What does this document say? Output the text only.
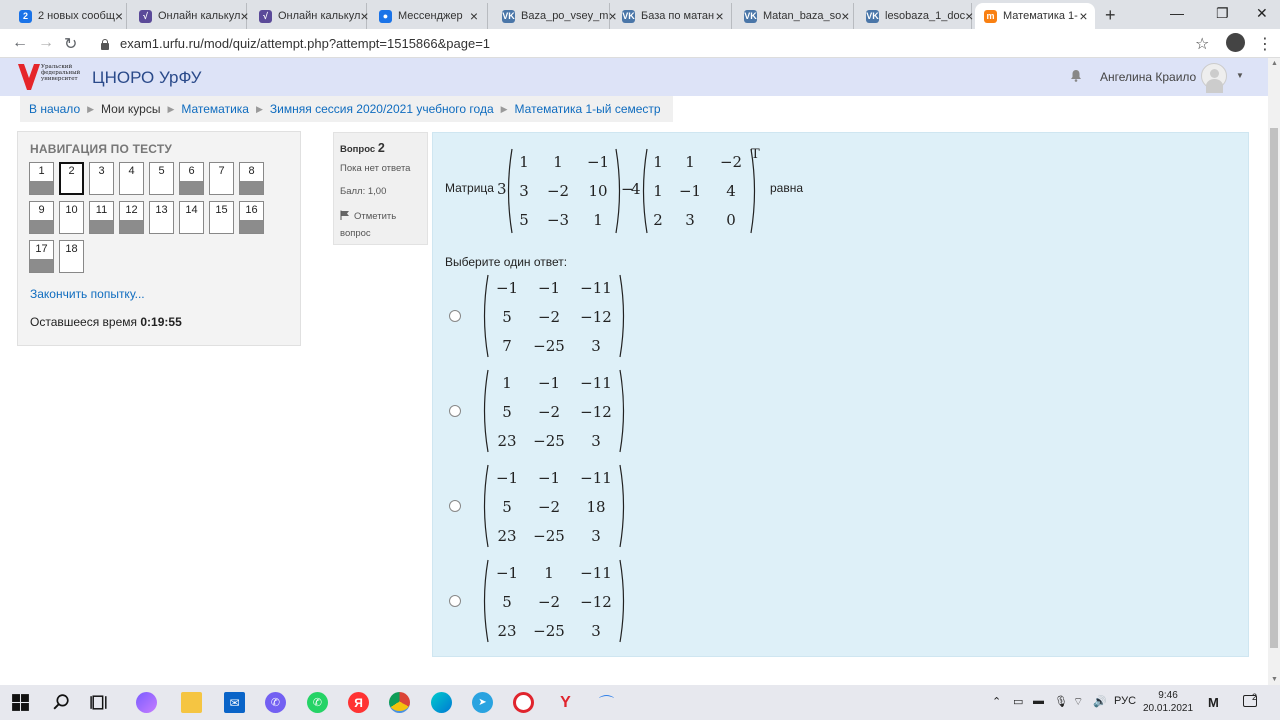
2 2 новых сообщ ×	√ Онлайн калькул ×	√ Онлайн калькул ×	● Мессенджер ×	VK Baza_po_vsey_m × VK База по матан × VK Matan_baza_so × VK lesobaza_1_doc × m Математика 1- × +	— ❐ ✕
← → ↻	exam1.urfu.ru/mod/quiz/attempt.php?attempt=1515866&page=1	☆	⋮
Уральский
федеральный
университет ЦНОРО УрФУ	Ангелина Краило	▼
В начало ▶ Мои курсы ▶ Математика ▶ Зимняя сессия 2020/2021 учебного года ▶ Математика 1-ый семестр
НАВИГАЦИЯ ПО ТЕСТУ
1	2	3	4	5	6	7	8
9	10	11	12	13	14	15	16
17	18
Закончить попытку...
Оставшееся время 0:19:55
Вопрос 2
Пока нет ответа
Балл: 1,00
Отметить вопрос
Матрица 3
1 1 −1
3 −2 10
5 −3 1
−
4
1 1 −2
1 −1 4
2 3 0
T
равна
Выберите один ответ:
−1 −1 −11
5 −2 −12
7 −25 3
1 −1 −11
5 −2 −12
23 −25 3
−1 −1 −11
5 −2 18
23 −25 3
−1 1 −11
5 −2 −12
23 −25 3
▲
▼
✉	✆	✆	Я	➤	Y	⌒	⌃ ▭ ▬ 🎙 ⌔ 🔊 РУС	9:46
20.01.2021 M	$^2$
